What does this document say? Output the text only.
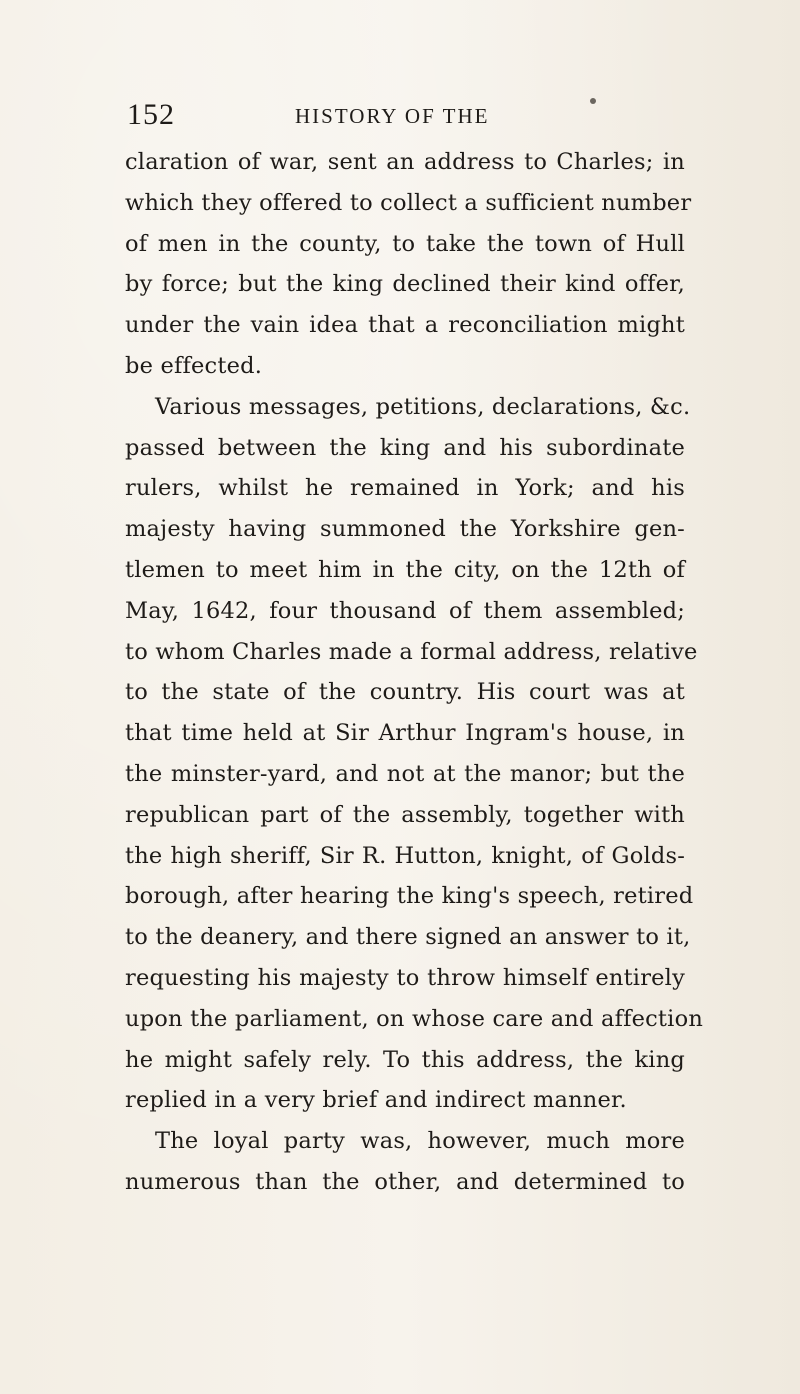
152	HISTORY OF THE
claration of war, sent an address to Charles; in
which they offered to collect a sufficient number
of men in the county, to take the town of Hull
by force; but the king declined their kind offer,
under the vain idea that a reconciliation might
be effected.
Various messages, petitions, declarations, &c.
passed between the king and his subordinate
rulers, whilst he remained in York; and his
majesty having summoned the Yorkshire gen-
tlemen to meet him in the city, on the 12th of
May, 1642, four thousand of them assembled;
to whom Charles made a formal address, relative
to the state of the country. His court was at
that time held at Sir Arthur Ingram's house, in
the minster-yard, and not at the manor; but the
republican part of the assembly, together with
the high sheriff, Sir R. Hutton, knight, of Golds-
borough, after hearing the king's speech, retired
to the deanery, and there signed an answer to it,
requesting his majesty to throw himself entirely
upon the parliament, on whose care and affection
he might safely rely. To this address, the king
replied in a very brief and indirect manner.
The loyal party was, however, much more
numerous than the other, and determined to
